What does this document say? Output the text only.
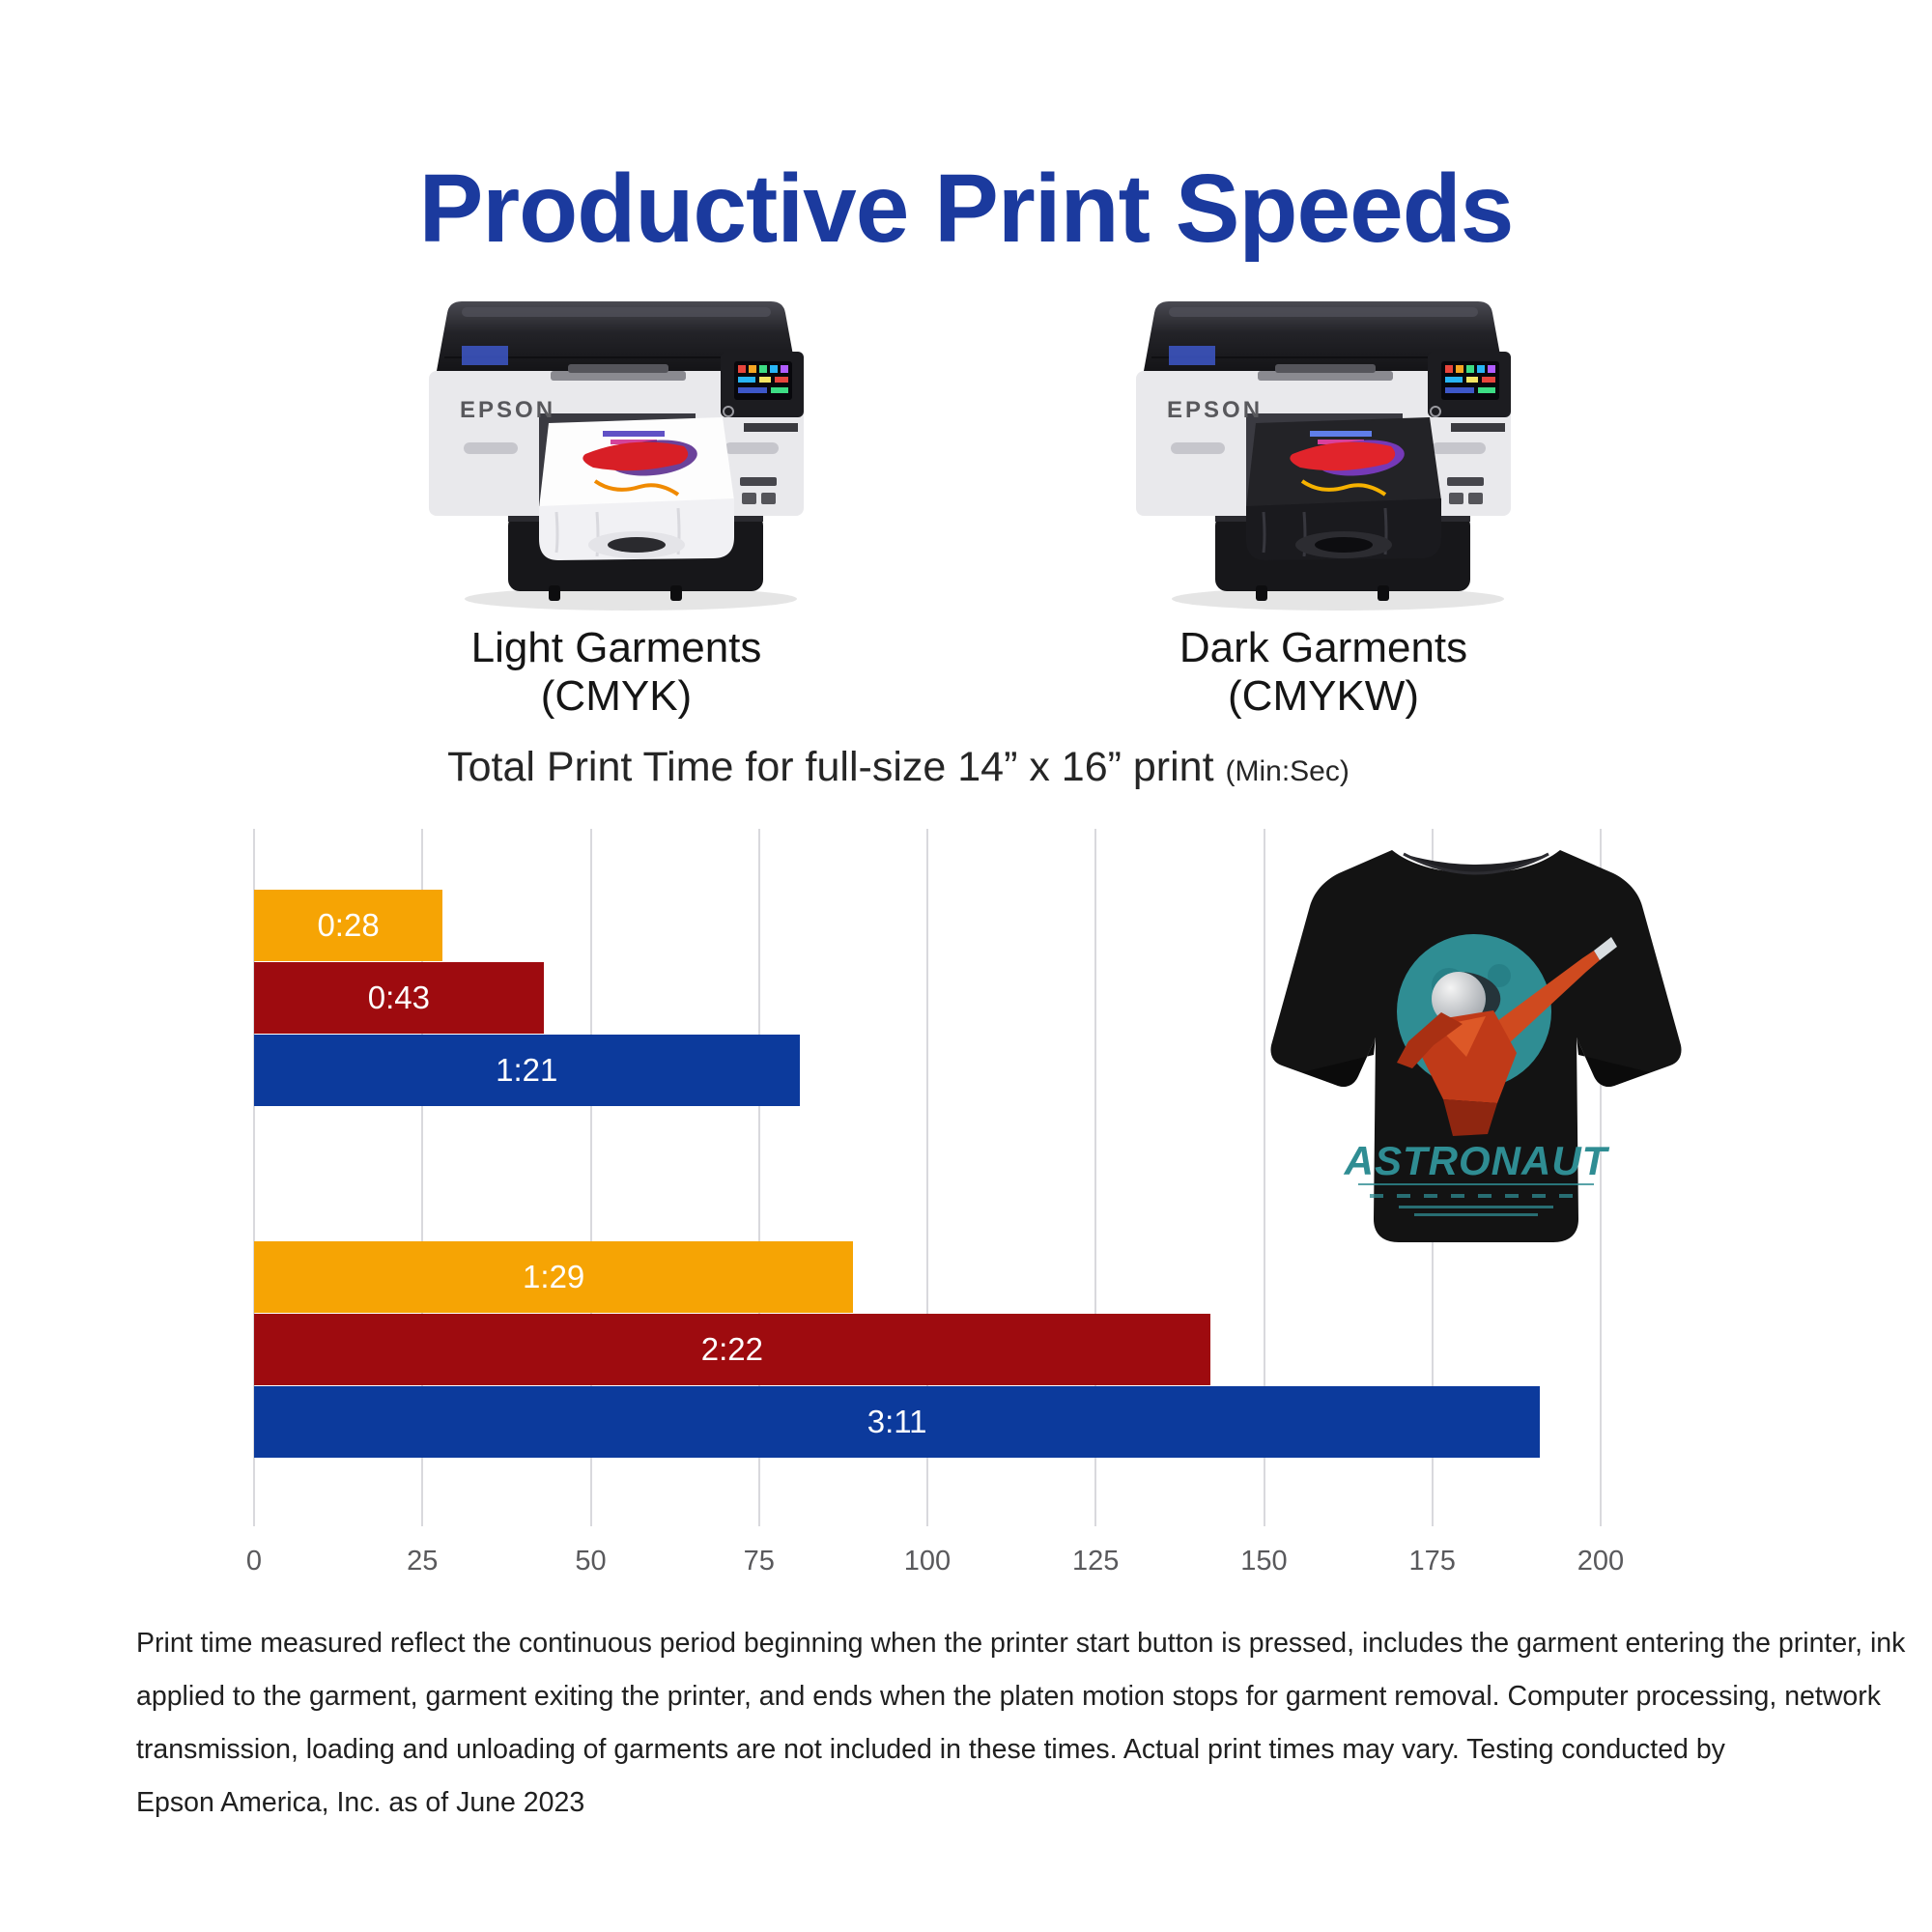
Productive Print Speeds
EPSON
Light Garments (CMYK)
EPSON
Dark Garments (CMYKW)
Total Print Time for full-size 14” x 16” print (Min:Sec)
0:28
0:43
1:21
1:29
2:22
3:11
0	25	50	75	100	125	150	175	200
ASTRONAUT
Print time measured reflect the continuous period beginning when the printer start button is pressed, includes the garment entering the printer, ink
applied to the garment, garment exiting the printer, and ends when the platen motion stops for garment removal. Computer processing, network
transmission, loading and unloading of garments are not included in these times. Actual print times may vary. Testing conducted by
Epson America, Inc. as of June 2023
